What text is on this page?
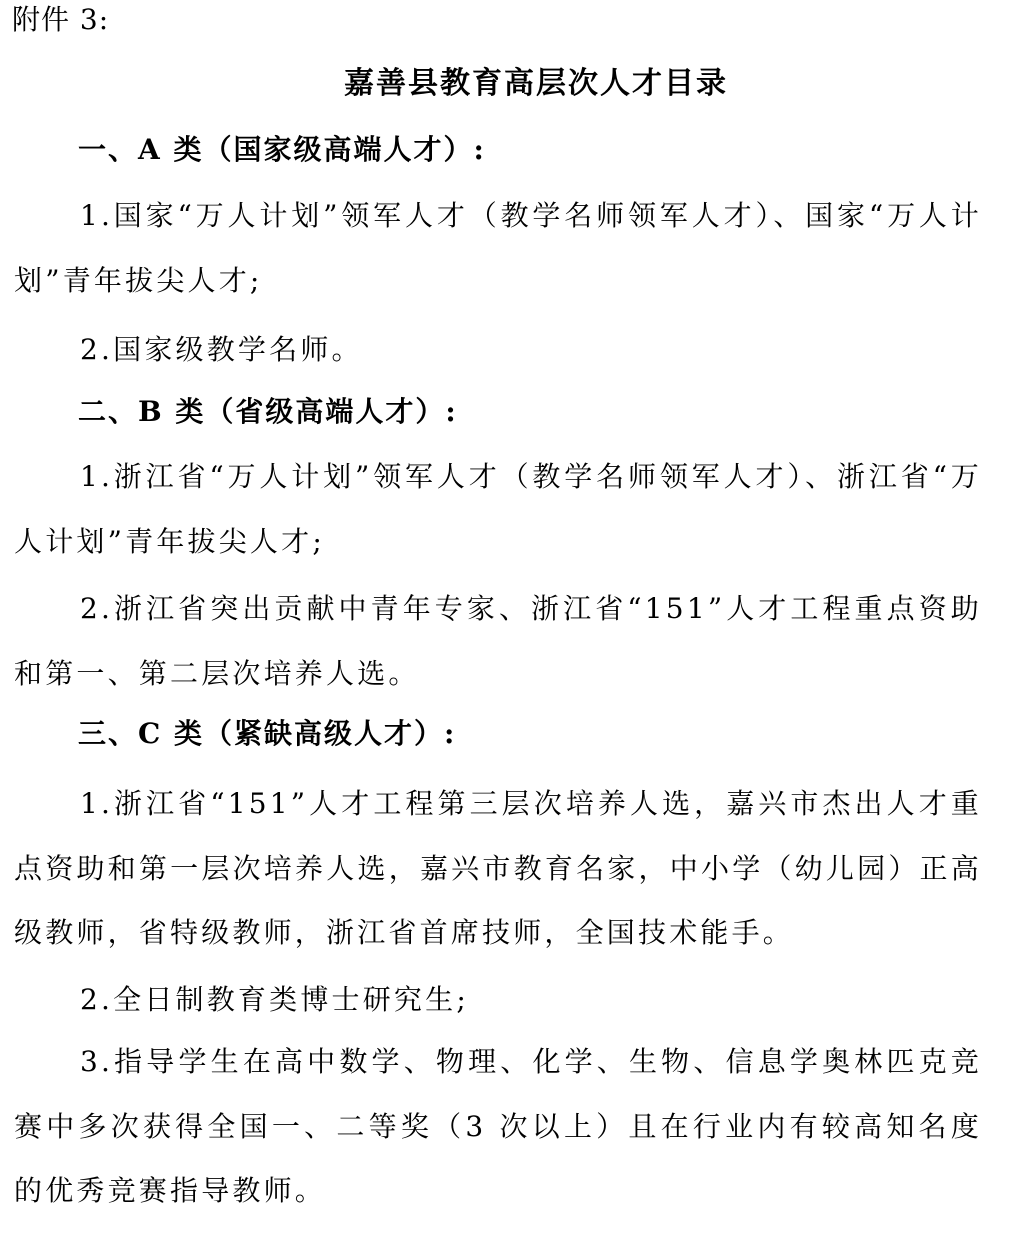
附件 3:
嘉善县教育高层次人才目录
一、A 类（国家级高端人才）:
1.国家“万人计划”领军人才（教学名师领军人才）、国家“万人计划”青年拔尖人才;
2.国家级教学名师。
二、B 类（省级高端人才）:
1.浙江省“万人计划”领军人才（教学名师领军人才）、浙江省“万人计划”青年拔尖人才;
2.浙江省突出贡献中青年专家、浙江省“151”人才工程重点资助和第一、第二层次培养人选。
三、C 类（紧缺高级人才）:
1.浙江省“151”人才工程第三层次培养人选，嘉兴市杰出人才重点资助和第一层次培养人选，嘉兴市教育名家，中小学（幼儿园）正高级教师，省特级教师，浙江省首席技师，全国技术能手。
2.全日制教育类博士研究生;
3.指导学生在高中数学、物理、化学、生物、信息学奥林匹克竞赛中多次获得全国一、二等奖（3 次以上）且在行业内有较高知名度的优秀竞赛指导教师。
